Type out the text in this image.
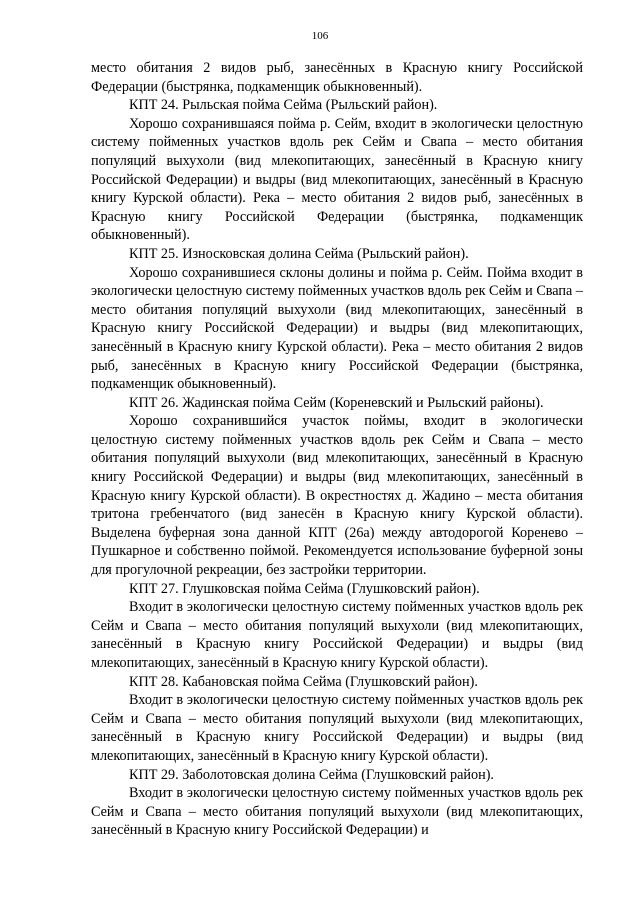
106

место обитания 2 видов рыб, занесённых в Красную книгу Российской Федерации (быстрянка, подкаменщик обыкновенный).

КПТ 24. Рыльская пойма Сейма (Рыльский район).

Хорошо сохранившаяся пойма р. Сейм, входит в экологически целостную систему пойменных участков вдоль рек Сейм и Свапа – место обитания популяций выхухоли (вид млекопитающих, занесённый в Красную книгу Российской Федерации) и выдры (вид млекопитающих, занесённый в Красную книгу Курской области). Река – место обитания 2 видов рыб, занесённых в Красную книгу Российской Федерации (быстрянка, подкаменщик обыкновенный).

КПТ 25. Износковская долина Сейма (Рыльский район).

Хорошо сохранившиеся склоны долины и пойма р. Сейм. Пойма входит в экологически целостную систему пойменных участков вдоль рек Сейм и Свапа – место обитания популяций выхухоли (вид млекопитающих, занесённый в Красную книгу Российской Федерации) и выдры (вид млекопитающих, занесённый в Красную книгу Курской области). Река – место обитания 2 видов рыб, занесённых в Красную книгу Российской Федерации (быстрянка, подкаменщик обыкновенный).

КПТ 26. Жадинская пойма Сейм (Кореневский и Рыльский районы).

Хорошо сохранившийся участок поймы, входит в экологически целостную систему пойменных участков вдоль рек Сейм и Свапа – место обитания популяций выхухоли (вид млекопитающих, занесённый в Красную книгу Российской Федерации) и выдры (вид млекопитающих, занесённый в Красную книгу Курской области). В окрестностях д. Жадино – места обитания тритона гребенчатого (вид занесён в Красную книгу Курской области). Выделена буферная зона данной КПТ (26а) между автодорогой Коренево – Пушкарное и собственно поймой. Рекомендуется использование буферной зоны для прогулочной рекреации, без застройки территории.

КПТ 27. Глушковская пойма Сейма (Глушковский район).

Входит в экологически целостную систему пойменных участков вдоль рек Сейм и Свапа – место обитания популяций выхухоли (вид млекопитающих, занесённый в Красную книгу Российской Федерации) и выдры (вид млекопитающих, занесённый в Красную книгу Курской области).

КПТ 28. Кабановская пойма Сейма (Глушковский район).

Входит в экологически целостную систему пойменных участков вдоль рек Сейм и Свапа – место обитания популяций выхухоли (вид млекопитающих, занесённый в Красную книгу Российской Федерации) и выдры (вид млекопитающих, занесённый в Красную книгу Курской области).

КПТ 29. Заболотовская долина Сейма (Глушковский район).

Входит в экологически целостную систему пойменных участков вдоль рек Сейм и Свапа – место обитания популяций выхухоли (вид млекопитающих, занесённый в Красную книгу Российской Федерации) и
